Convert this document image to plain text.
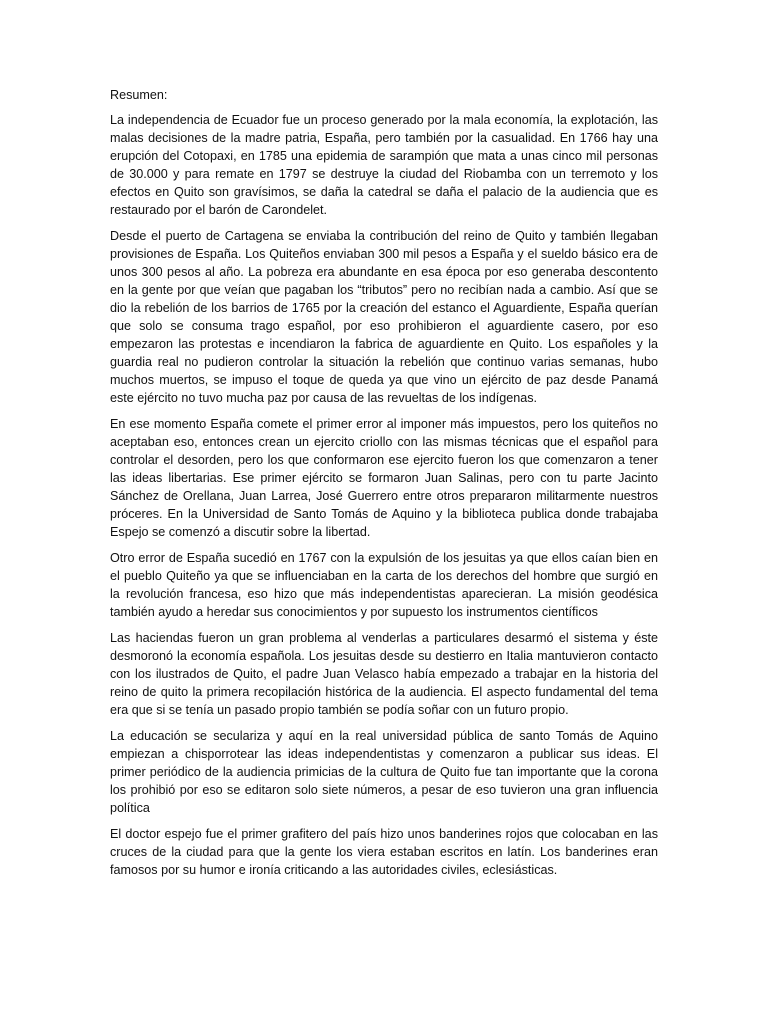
Resumen:

La independencia de Ecuador fue un proceso generado por la mala economía, la explotación, las malas decisiones de la madre patria, España, pero también por la casualidad. En 1766 hay una erupción del Cotopaxi, en 1785 una epidemia de sarampión que mata a unas cinco mil personas de 30.000 y para remate en 1797 se destruye la ciudad del Riobamba con un terremoto y los efectos en Quito son gravísimos, se daña la catedral se daña el palacio de la audiencia que es restaurado por el barón de Carondelet.

Desde el puerto de Cartagena se enviaba la contribución del reino de Quito y también llegaban provisiones de España. Los Quiteños enviaban 300 mil pesos a España y el sueldo básico era de unos 300 pesos al año. La pobreza era abundante en esa época por eso generaba descontento en la gente por que veían que pagaban los “tributos” pero no recibían nada a cambio. Así que se dio la rebelión de los barrios de 1765 por la creación del estanco el Aguardiente, España querían que solo se consuma trago español, por eso prohibieron el aguardiente casero, por eso empezaron las protestas e incendiaron la fabrica de aguardiente en Quito. Los españoles y la guardia real no pudieron controlar la situación la rebelión que continuo varias semanas, hubo muchos muertos, se impuso el toque de queda ya que vino un ejército de paz desde Panamá este ejército no tuvo mucha paz por causa de las revueltas de los indígenas.

En ese momento España comete el primer error al imponer más impuestos, pero los quiteños no aceptaban eso, entonces crean un ejercito criollo con las mismas técnicas que el español para controlar el desorden, pero los que conformaron ese ejercito fueron los que comenzaron a tener las ideas libertarias. Ese primer ejército se formaron Juan Salinas, pero con tu parte Jacinto Sánchez de Orellana, Juan Larrea, José Guerrero entre otros prepararon militarmente nuestros próceres. En la Universidad de Santo Tomás de Aquino y la biblioteca publica donde trabajaba Espejo se comenzó a discutir sobre la libertad.

Otro error de España sucedió en 1767 con la expulsión de los jesuitas ya que ellos caían bien en el pueblo Quiteño ya que se influenciaban en la carta de los derechos del hombre que surgió en la revolución francesa, eso hizo que más independentistas aparecieran. La misión geodésica también ayudo a heredar sus conocimientos y por supuesto los instrumentos científicos

Las haciendas fueron un gran problema al venderlas a particulares desarmó el sistema y éste desmoronó la economía española. Los jesuitas desde su destierro en Italia mantuvieron contacto con los ilustrados de Quito, el padre Juan Velasco había empezado a trabajar en la historia del reino de quito la primera recopilación histórica de la audiencia. El aspecto fundamental del tema era que si se tenía un pasado propio también se podía soñar con un futuro propio.

La educación se seculariza y aquí en la real universidad pública de santo Tomás de Aquino empiezan a chisporrotear las ideas independentistas y comenzaron a publicar sus ideas. El primer periódico de la audiencia primicias de la cultura de Quito fue tan importante que la corona los prohibió por eso se editaron solo siete números, a pesar de eso tuvieron una gran influencia política

El doctor espejo fue el primer grafitero del país hizo unos banderines rojos que colocaban en las cruces de la ciudad para que la gente los viera estaban escritos en latín. Los banderines eran famosos por su humor e ironía criticando a las autoridades civiles, eclesiásticas.
